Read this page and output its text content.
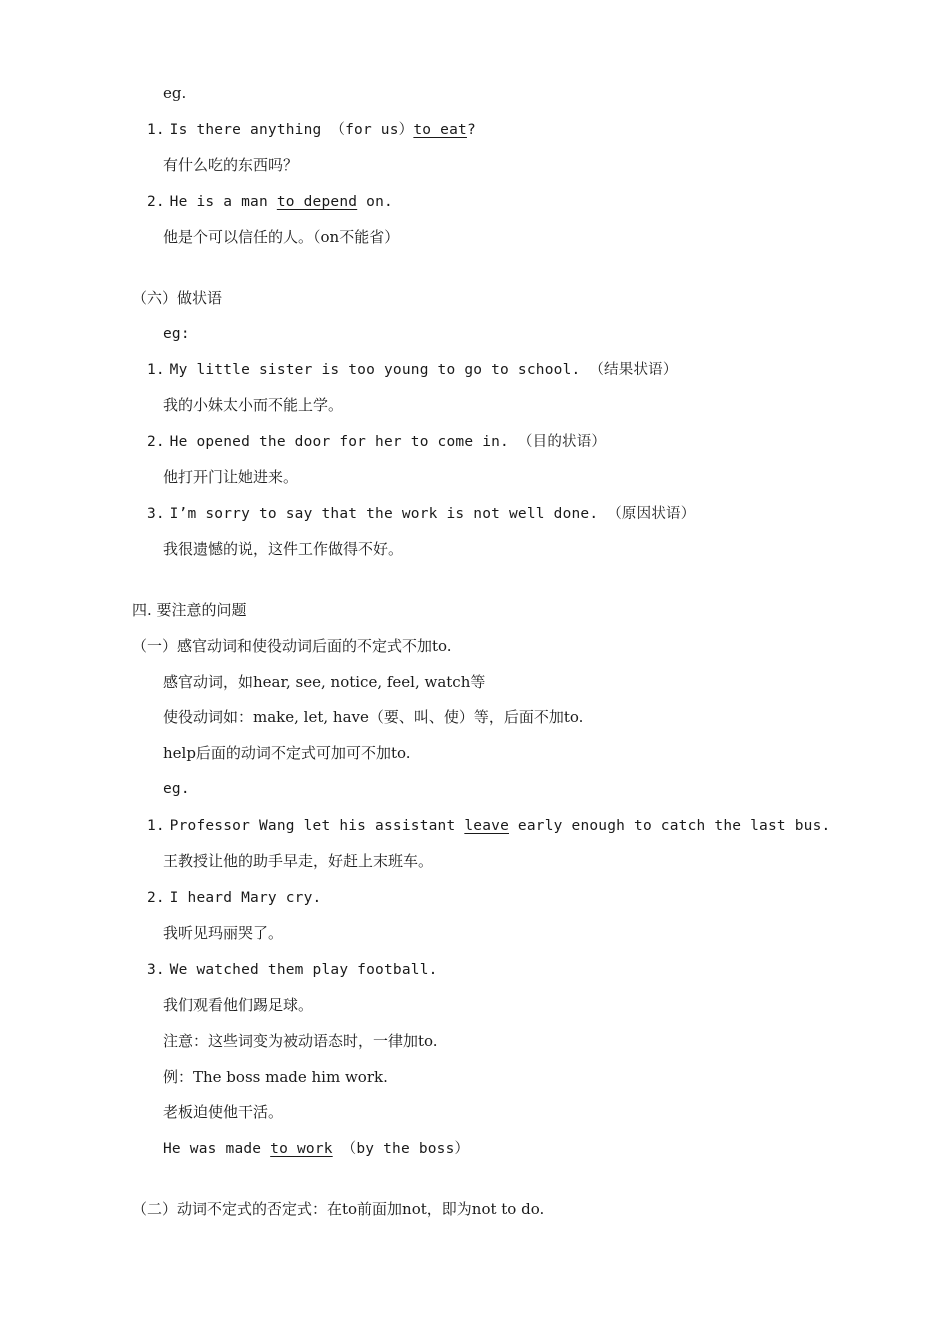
eg.
1. Is there anything （for us）to eat?
有什么吃的东西吗？
2. He is a man to depend on.
他是个可以信任的人。（on不能省）
（六）做状语
eg:
1. My little sister is too young to go to school. （结果状语）
我的小妹太小而不能上学。
2. He opened the door for her to come in. （目的状语）
他打开门让她进来。
3. I’m sorry to say that the work is not well done. （原因状语）
我很遗憾的说，这件工作做得不好。
四. 要注意的问题
（一）感官动词和使役动词后面的不定式不加to.
感官动词，如hear, see, notice, feel, watch等
使役动词如：make, let, have（要、叫、使）等，后面不加to.
help后面的动词不定式可加可不加to.
eg.
1. Professor Wang let his assistant leave early enough to catch the last bus.
王教授让他的助手早走，好赶上末班车。
2. I heard Mary cry.
我听见玛丽哭了。
3. We watched them play football.
我们观看他们踢足球。
注意：这些词变为被动语态时，一律加to.
例：The boss made him work.
老板迫使他干活。
He was made to work （by the boss）
（二）动词不定式的否定式：在to前面加not，即为not to do.
